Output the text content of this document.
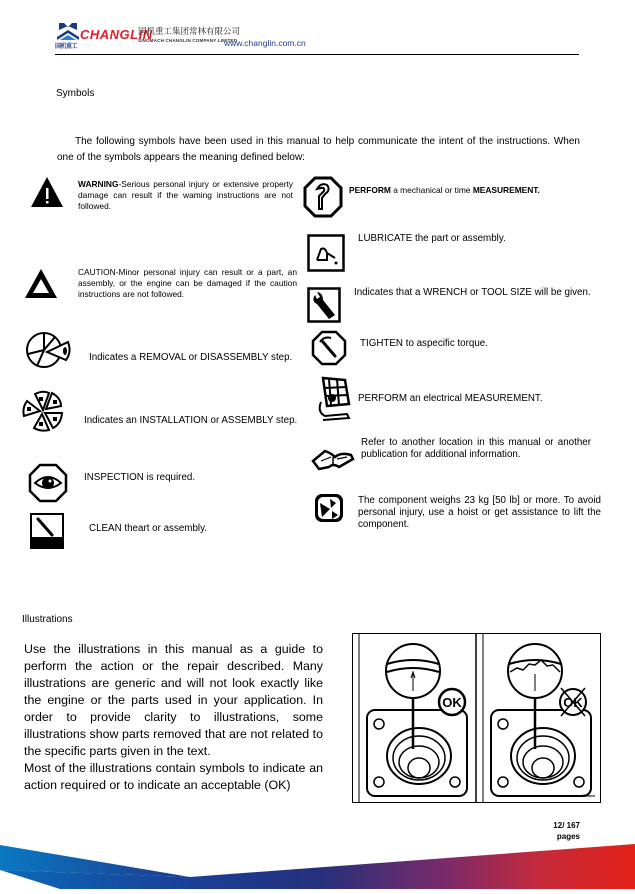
国机重工
CHANGLIN
国机重工集团常林有限公司
SINOMACH CHANGLIN COMPANY LIMITED
www.changlin.com.cn
Symbols
The following symbols have been used in this manual to help communicate the intent of the instructions. When one of the symbols appears the meaning defined below:
WARNING-Serious personal injury or extensive property damage can result if the waming instructions are not followed.
CAUTION-Minor personal injury can result or a part, an assembly, or the engine can be damaged if the caution instructions are not followed.
Indicates a REMOVAL or DISASSEMBLY step.
Indicates an INSTALLATION or ASSEMBLY step.
INSPECTION is required.
CLEAN theart or assembly.
PERFORM a mechanical or time MEASUREMENT.
LUBRICATE the part or assembly.
Indicates that a WRENCH or TOOL SIZE will be given.
TIGHTEN to aspecific torque.
PERFORM an electrical MEASUREMENT.
Refer to another location in this manual or another publication for additional information.
The component weighs 23 kg [50 lb] or more. To avoid personal injury, use a hoist or get assistance to lift the component.
Illustrations

Use the illustrations in this manual as a guide to perform the action or the repair described. Many illustrations are generic and will not look exactly like the engine or the parts used in your application. In order to provide clarity to illustrations, some illustrations show parts removed that are not related to the specific parts given in the text.

Most of the illustrations contain symbols to indicate an action required or to indicate an acceptable (OK)

OK	OK
f00mm
12/ 167
pages
